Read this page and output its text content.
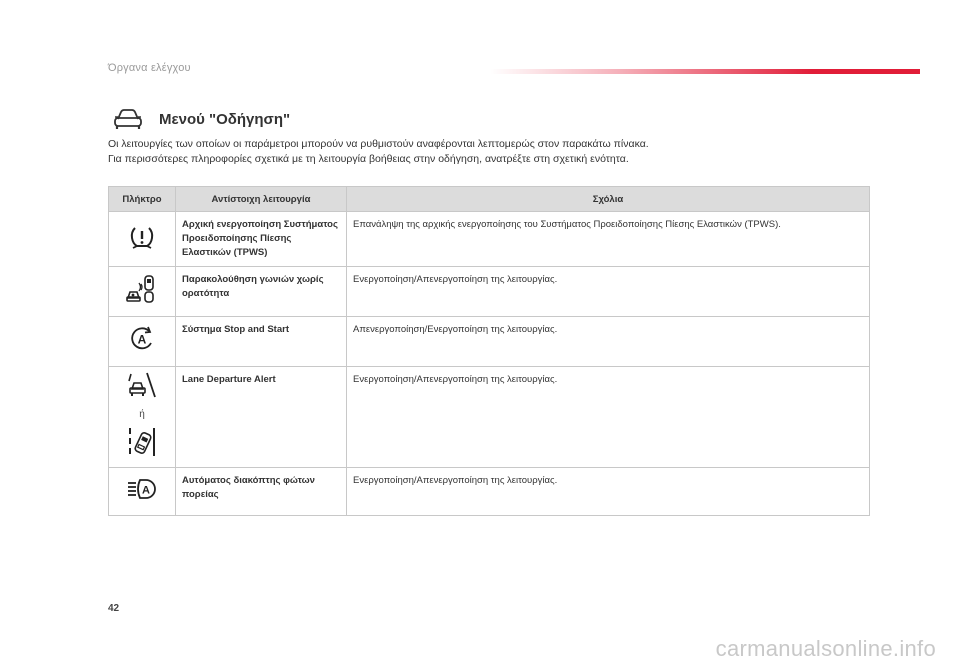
Όργανα ελέγχου
Μενού "Οδήγηση"

Οι λειτουργίες των οποίων οι παράμετροι μπορούν να ρυθμιστούν αναφέρονται λεπτομερώς στον παρακάτω πίνακα.

Για περισσότερες πληροφορίες σχετικά με τη λειτουργία βοήθειας στην οδήγηση, ανατρέξτε στη σχετική ενότητα.

Πλήκτρο	Αντίστοιχη λειτουργία	Σχόλια
	Αρχική ενεργοποίηση Συστήματος Προειδοποίησης Πίεσης Ελαστικών (TPWS)	Επανάληψη της αρχικής ενεργοποίησης του Συστήματος Προειδοποίησης Πίεσης Ελαστικών (TPWS).
	Παρακολούθηση γωνιών χωρίς ορατότητα	Ενεργοποίηση/Απενεργοποίηση της λειτουργίας.

A	Σύστημα Stop and Start	Απενεργοποίηση/Ενεργοποίηση της λειτουργίας.

ή	Lane Departure Alert	Ενεργοποίηση/Απενεργοποίηση της λειτουργίας.

A	Αυτόματος διακόπτης φώτων πορείας	Ενεργοποίηση/Απενεργοποίηση της λειτουργίας.
42
carmanualsonline.info
